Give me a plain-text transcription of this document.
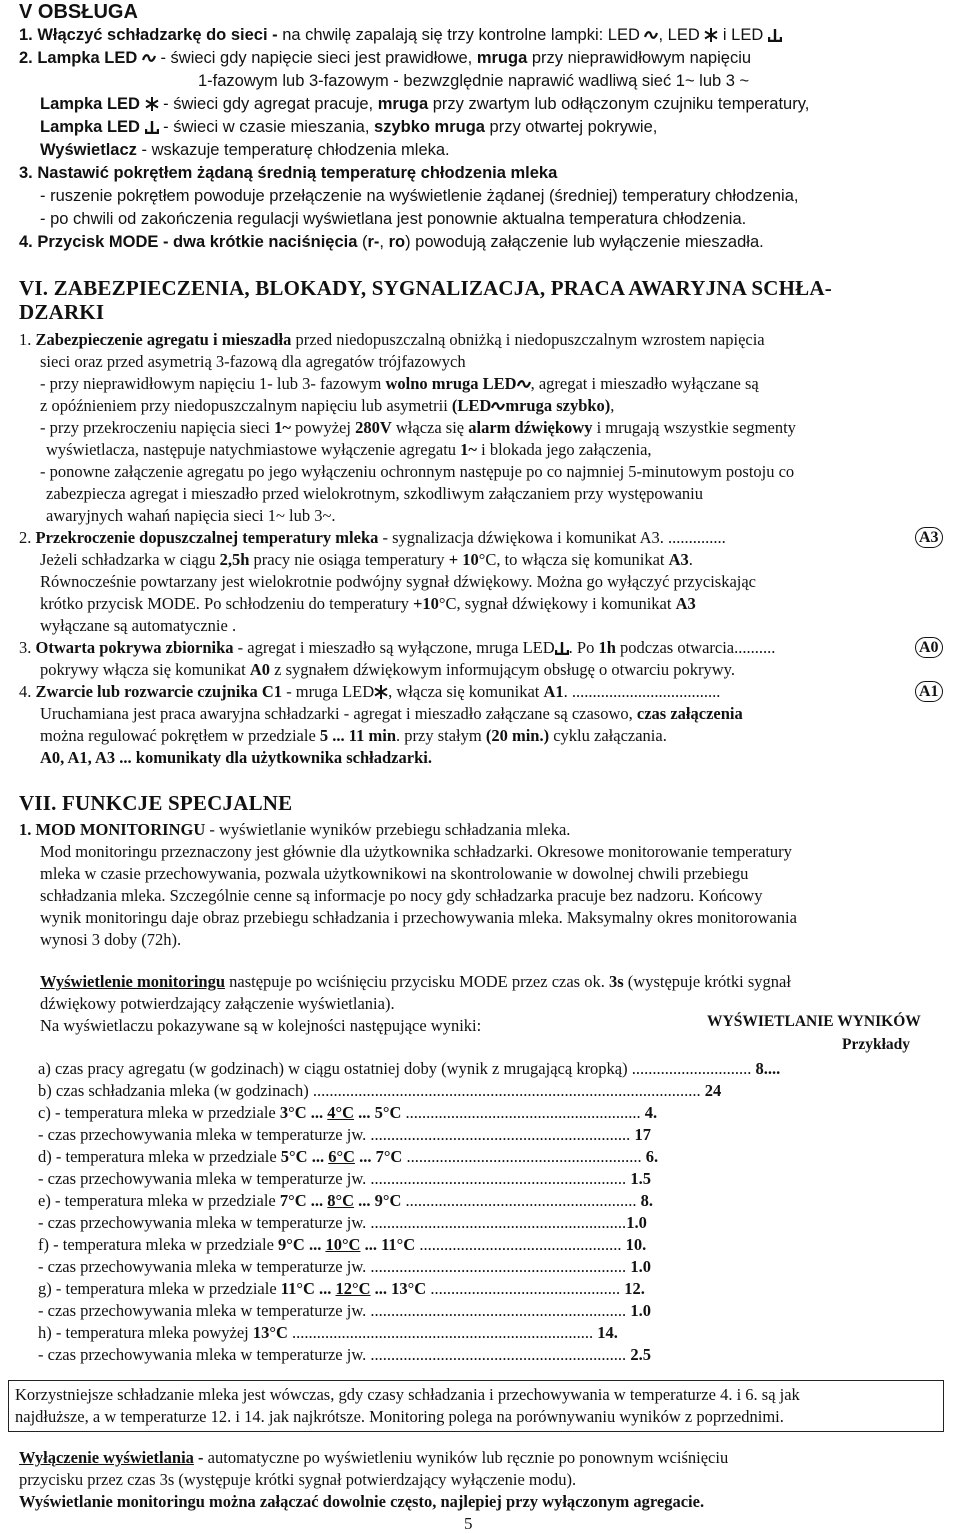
V OBSŁUGA
1. Włączyć schładzarkę do sieci - na chwilę zapalają się trzy kontrolne lampki: LED , LED  i LED
2. Lampka LED  - świeci gdy napięcie sieci jest prawidłowe, mruga przy nieprawidłowym napięciu
1-fazowym lub 3-fazowym - bezwzględnie naprawić wadliwą sieć 1~ lub 3 ~
Lampka LED  - świeci gdy agregat pracuje, mruga przy zwartym lub odłączonym czujniku temperatury,
Lampka LED  - świeci w czasie mieszania, szybko mruga przy otwartej pokrywie,
Wyświetlacz - wskazuje temperaturę chłodzenia mleka.
3. Nastawić pokrętłem żądaną średnią temperaturę chłodzenia mleka
- ruszenie pokrętłem powoduje przełączenie na wyświetlenie żądanej (średniej) temperatury chłodzenia,
- po chwili od zakończenia regulacji wyświetlana jest ponownie aktualna temperatura chłodzenia.
4. Przycisk MODE - dwa krótkie naciśnięcia (r-, ro) powodują załączenie lub wyłączenie mieszadła.
VI. ZABEZPIECZENIA, BLOKADY, SYGNALIZACJA, PRACA AWARYJNA SCHŁA-
DZARKI
1. Zabezpieczenie agregatu i mieszadła przed niedopuszczalną obniżką i niedopuszczalnym wzrostem napięcia
sieci oraz przed asymetrią 3-fazową dla agregatów trójfazowych
- przy nieprawidłowym napięciu 1- lub 3- fazowym wolno mruga LED , agregat i mieszadło wyłączane są
z opóźnieniem przy niedopuszczalnym napięciu lub asymetrii (LED mruga szybko),
- przy przekroczeniu napięcia sieci 1~ powyżej 280V włącza się alarm dźwiękowy i mrugają wszystkie segmenty
wyświetlacza, następuje natychmiastowe wyłączenie agregatu 1~ i blokada jego załączenia,
- ponowne załączenie agregatu po jego wyłączeniu ochronnym następuje po co najmniej 5-minutowym postoju co
zabezpiecza agregat i mieszadło przed wielokrotnym, szkodliwym załączaniem przy występowaniu
awaryjnych wahań napięcia sieci 1~ lub 3~.
2. Przekroczenie dopuszczalnej temperatury mleka - sygnalizacja dźwiękowa i komunikat A3. ..............	A3
Jeżeli schładzarka w ciągu 2,5h pracy nie osiąga temperatury + 10°C, to włącza się komunikat A3.
Równocześnie powtarzany jest wielokrotnie podwójny sygnał dźwiękowy. Można go wyłączyć przyciskając
krótko przycisk MODE. Po schłodzeniu do temperatury +10°C, sygnał dźwiękowy i komunikat A3
wyłączane są automatycznie .
3. Otwarta pokrywa zbiornika - agregat i mieszadło są wyłączone, mruga LED . Po 1h podczas otwarcia..........	A0
pokrywy włącza się komunikat A0 z sygnałem dźwiękowym informującym obsługę o otwarciu pokrywy.
4. Zwarcie lub rozwarcie czujnika C1 - mruga LED , włącza się komunikat A1. ....................................	A1
Uruchamiana jest praca awaryjna schładzarki - agregat i mieszadło załączane są czasowo, czas załączenia
można regulować pokrętłem w przedziale 5 ... 11 min. przy stałym (20 min.) cyklu załączania.
A0, A1, A3 ... komunikaty dla użytkownika schładzarki.
VII. FUNKCJE SPECJALNE
1. MOD MONITORINGU - wyświetlanie wyników przebiegu schładzania mleka.
Mod monitoringu przeznaczony jest głównie dla użytkownika schładzarki. Okresowe monitorowanie temperatury
mleka w czasie przechowywania, pozwala użytkownikowi na skontrolowanie w dowolnej chwili przebiegu
schładzania mleka. Szczególnie cenne są informacje po nocy gdy schładzarka pracuje bez nadzoru. Końcowy
wynik monitoringu daje obraz przebiegu schładzania i przechowywania mleka. Maksymalny okres monitorowania
wynosi 3 doby (72h).
Wyświetlenie monitoringu następuje po wciśnięciu przycisku MODE przez czas ok. 3s (występuje krótki sygnał
dźwiękowy potwierdzający załączenie wyświetlania).
Na wyświetlaczu pokazywane są w kolejności następujące wyniki:	WYŚWIETLANIE WYNIKÓW
Przykłady
a) czas pracy agregatu (w godzinach) w ciągu ostatniej doby (wynik z mrugającą kropką) ............................. 8....
b) czas schładzania mleka (w godzinach) .............................................................................................. 24
c) - temperatura mleka w przedziale 3°C ... 4°C ... 5°C ......................................................... 4.
- czas przechowywania mleka w temperaturze jw. ............................................................... 17
d) - temperatura mleka w przedziale 5°C ... 6°C ... 7°C ......................................................... 6.
- czas przechowywania mleka w temperaturze jw. .............................................................. 1.5
e) - temperatura mleka w przedziale 7°C ... 8°C ... 9°C ........................................................ 8.
- czas przechowywania mleka w temperaturze jw. ..............................................................1.0
f) - temperatura mleka w przedziale 9°C ... 10°C ... 11°C ................................................. 10.
- czas przechowywania mleka w temperaturze jw. .............................................................. 1.0
g) - temperatura mleka w przedziale 11°C ... 12°C ... 13°C .............................................. 12.
- czas przechowywania mleka w temperaturze jw. .............................................................. 1.0
h) - temperatura mleka powyżej 13°C ......................................................................... 14.
- czas przechowywania mleka w temperaturze jw. .............................................................. 2.5
Korzystniejsze schładzanie mleka jest wówczas, gdy czasy schładzania i przechowywania w temperaturze 4. i 6. są jak
najdłuższe, a w temperaturze 12. i 14. jak najkrótsze. Monitoring polega na porównywaniu wyników z poprzednimi.
Wyłączenie wyświetlania - automatyczne po wyświetleniu wyników lub ręcznie po ponownym wciśnięciu
przycisku przez czas 3s (występuje krótki sygnał potwierdzający wyłączenie modu).
Wyświetlanie monitoringu można załączać dowolnie często, najlepiej przy wyłączonym agregacie.
5
